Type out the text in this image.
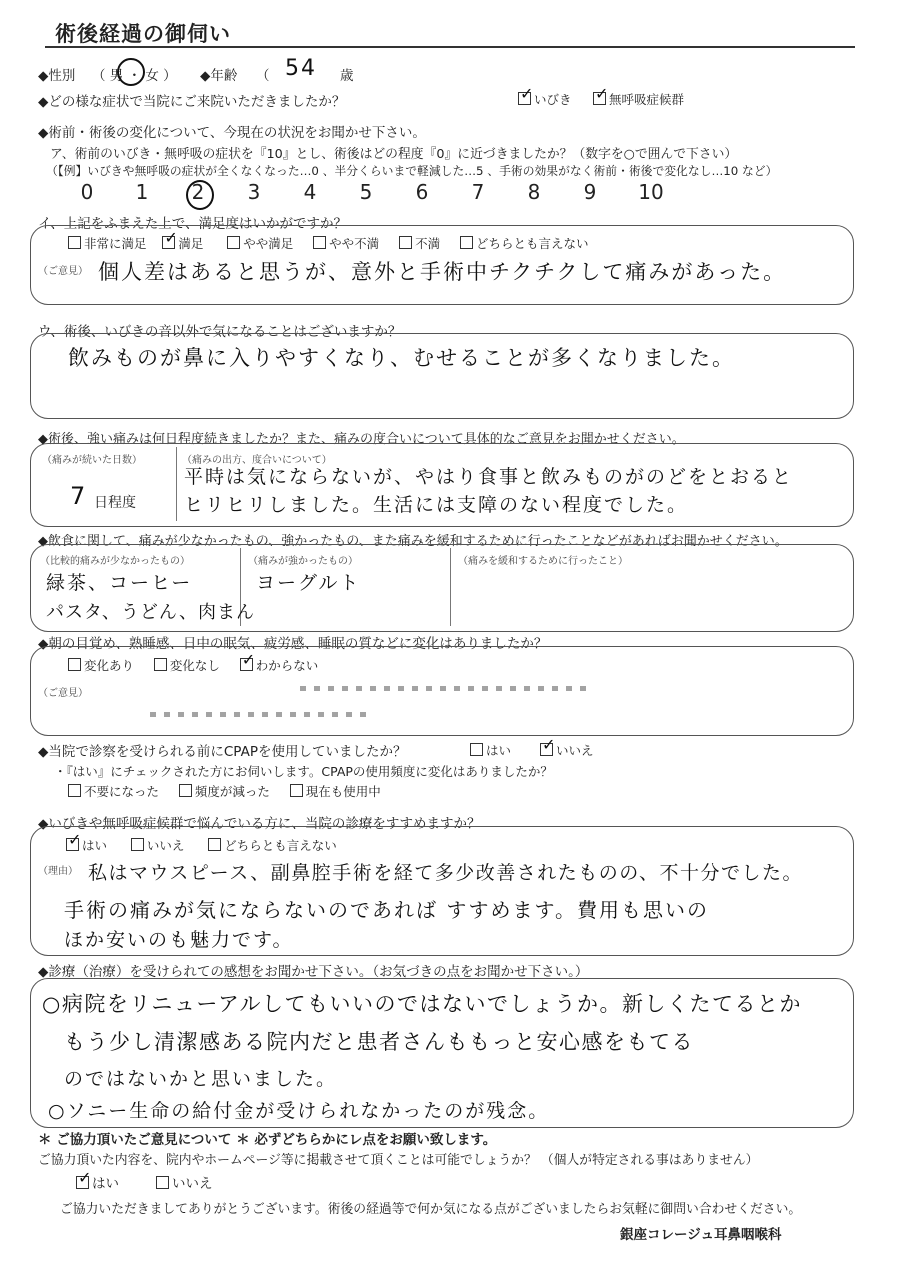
術後経過の御伺い
◆性別 （ 男 ・ 女 ） ◆年齢 （ 54 歳
◆どの様な症状で当院にご来院いただきましたか？ ✓	いびき ✓	無呼吸症候群
◆術前・術後の変化について、今現在の状況をお聞かせ下さい。
ア、術前のいびき・無呼吸の症状を『10』とし、術後はどの程度『0』に近づきましたか？（数字を○で囲んで下さい）
（【例】いびきや無呼吸の症状が全くなくなった…0 、半分くらいまで軽減した…5 、手術の効果がなく術前・術後で変化なし…10 など）
0	1	2	3	4	5	6	7	8	9	10
イ、上記をふまえた上で、満足度はいかがですか？
非常に満足 ✓	満足	やや満足	やや不満	不満	どちらとも言えない
（ご意見） 個人差はあると思うが、意外と手術中チクチクして痛みがあった。
ウ、術後、いびきの音以外で気になることはございますか？
飲みものが鼻に入りやすくなり、むせることが多くなりました。
◆術後、強い痛みは何日程度続きましたか？また、痛みの度合いについて具体的なご意見をお聞かせください。
（痛みが続いた日数）
7 日程度
（痛みの出方、度合いについて）
平時は気にならないが、やはり食事と飲みものがのどをとおると
ヒリヒリしました。生活には支障のない程度でした。
◆飲食に関して、痛みが少なかったもの、強かったもの、また痛みを緩和するために行ったことなどがあればお聞かせください。
（比較的痛みが少なかったもの）
緑茶、コーヒー
パスタ、うどん、肉まん
（痛みが強かったもの）
ヨーグルト
（痛みを緩和するために行ったこと）
◆朝の目覚め、熟睡感、日中の眠気、疲労感、睡眠の質などに変化はありましたか？
変化あり	変化なし ✓	わからない
（ご意見）
◆当院で診察を受けられる前にCPAPを使用していましたか？	はい ✓	いいえ
・『はい』にチェックされた方にお伺いします。CPAPの使用頻度に変化はありましたか？
不要になった	頻度が減った	現在も使用中
◆いびきや無呼吸症候群で悩んでいる方に、当院の診療をすすめますか？
✓はい	いいえ	どちらとも言えない
（理由） 私はマウスピース、副鼻腔手術を経て多少改善されたものの、不十分でした。
手術の痛みが気にならないのであれば すすめます。費用も思いの
ほか安いのも魅力です。
◆診療（治療）を受けられての感想をお聞かせ下さい。（お気づきの点をお聞かせ下さい。）
○病院をリニューアルしてもいいのではないでしょうか。新しくたてるとか
もう少し清潔感ある院内だと患者さんももっと安心感をもてる
のではないかと思いました。
○ソニー生命の給付金が受けられなかったのが残念。
＊ ご協力頂いたご意見について ＊ 必ずどちらかにレ点をお願い致します。
ご協力頂いた内容を、院内やホームページ等に掲載させて頂くことは可能でしょうか？ （個人が特定される事はありません）
✓はい	いいえ
ご協力いただきましてありがとうございます。術後の経過等で何か気になる点がございましたらお気軽に御問い合わせください。
銀座コレージュ耳鼻咽喉科
